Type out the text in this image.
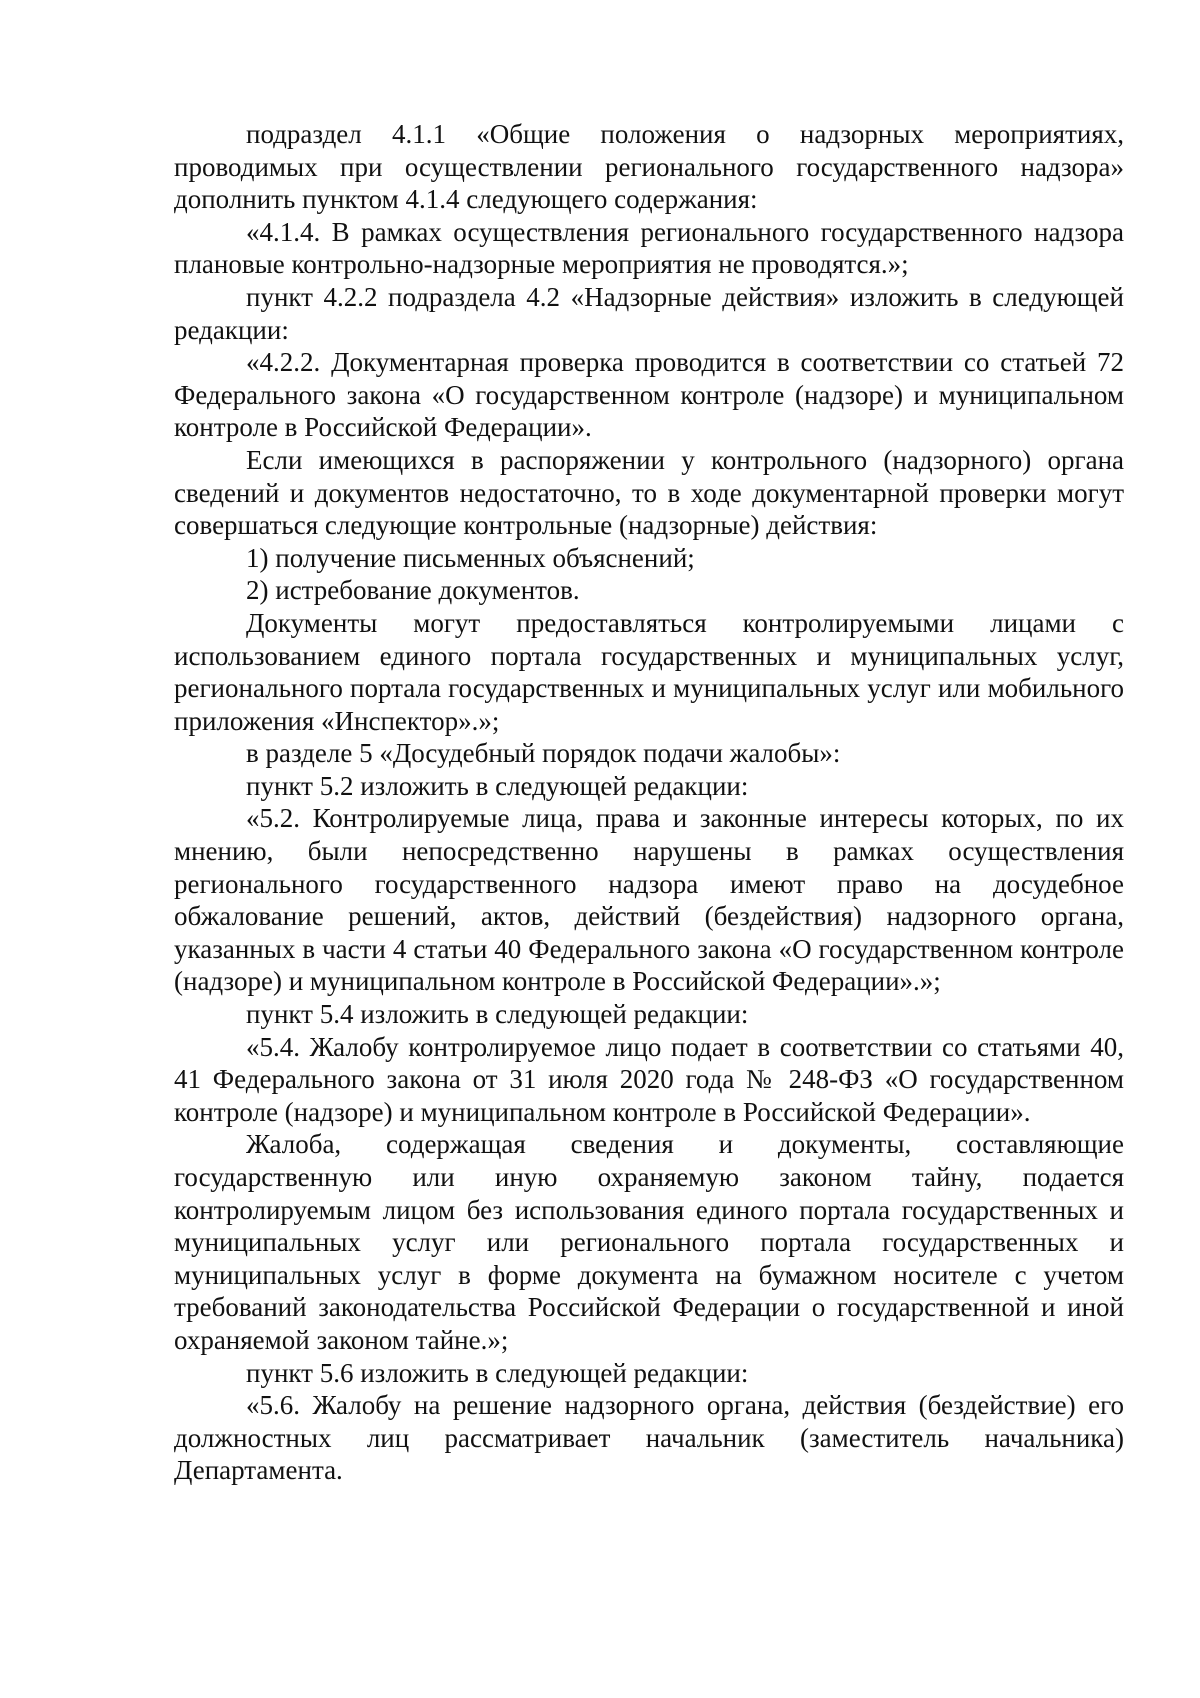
подраздел 4.1.1 «Общие положения о надзорных мероприятиях, проводимых при осуществлении регионального государственного надзора» дополнить пунктом 4.1.4 следующего содержания:

«4.1.4. В рамках осуществления регионального государственного надзора плановые контрольно-надзорные мероприятия не проводятся.»;

пункт 4.2.2 подраздела 4.2 «Надзорные действия» изложить в следующей редакции:

«4.2.2. Документарная проверка проводится в соответствии со статьей 72 Федерального закона «О государственном контроле (надзоре) и муниципальном контроле в Российской Федерации».

Если имеющихся в распоряжении у контрольного (надзорного) органа сведений и документов недостаточно, то в ходе документарной проверки могут совершаться следующие контрольные (надзорные) действия:

1) получение письменных объяснений;

2) истребование документов.

Документы могут предоставляться контролируемыми лицами с использованием единого портала государственных и муниципальных услуг, регионального портала государственных и муниципальных услуг или мобильного приложения «Инспектор».»;

в разделе 5 «Досудебный порядок подачи жалобы»:

пункт 5.2 изложить в следующей редакции:

«5.2. Контролируемые лица, права и законные интересы которых, по их мнению, были непосредственно нарушены в рамках осуществления регионального государственного надзора имеют право на досудебное обжалование решений, актов, действий (бездействия) надзорного органа, указанных в части 4 статьи 40 Федерального закона «О государственном контроле (надзоре) и муниципальном контроле в Российской Федерации».»;

пункт 5.4 изложить в следующей редакции:

«5.4. Жалобу контролируемое лицо подает в соответствии со статьями 40, 41 Федерального закона от 31 июля 2020 года № 248-ФЗ «О государственном контроле (надзоре) и муниципальном контроле в Российской Федерации».

Жалоба, содержащая сведения и документы, составляющие государственную или иную охраняемую законом тайну, подается контролируемым лицом без использования единого портала государственных и муниципальных услуг или регионального портала государственных и муниципальных услуг в форме документа на бумажном носителе с учетом требований законодательства Российской Федерации о государственной и иной охраняемой законом тайне.»;

пункт 5.6 изложить в следующей редакции:

«5.6. Жалобу на решение надзорного органа, действия (бездействие) его должностных лиц рассматривает начальник (заместитель начальника) Департамента.
